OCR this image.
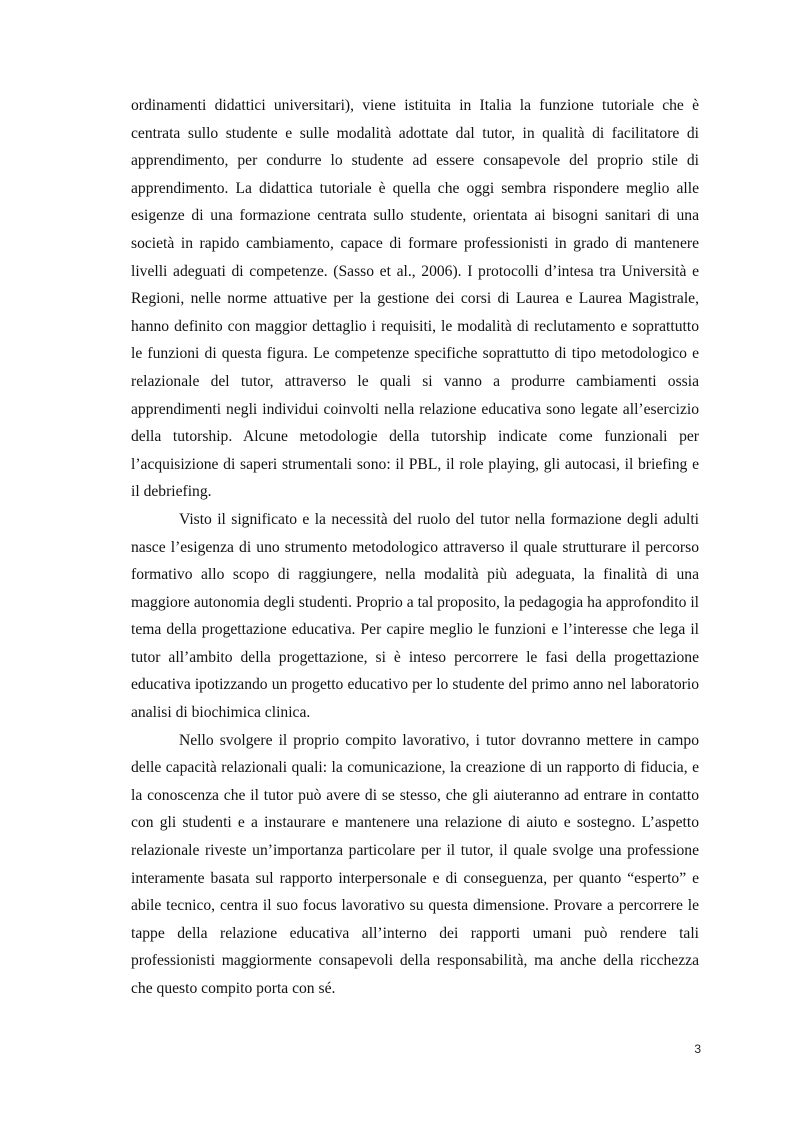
ordinamenti didattici universitari), viene istituita in Italia la funzione tutoriale che è centrata sullo studente e sulle modalità adottate dal tutor, in qualità di facilitatore di apprendimento, per condurre lo studente ad essere consapevole del proprio stile di apprendimento. La didattica tutoriale è quella che oggi sembra rispondere meglio alle esigenze di una formazione centrata sullo studente, orientata ai bisogni sanitari di una società in rapido cambiamento, capace di formare professionisti in grado di mantenere livelli adeguati di competenze. (Sasso et al., 2006). I protocolli d’intesa tra Università e Regioni, nelle norme attuative per la gestione dei corsi di Laurea e Laurea Magistrale, hanno definito con maggior dettaglio i requisiti, le modalità di reclutamento e soprattutto le funzioni di questa figura. Le competenze specifiche soprattutto di tipo metodologico e relazionale del tutor, attraverso le quali si vanno a produrre cambiamenti ossia apprendimenti negli individui coinvolti nella relazione educativa sono legate all’esercizio della tutorship. Alcune metodologie della tutorship indicate come funzionali per l’acquisizione di saperi strumentali sono: il PBL, il role playing, gli autocasi, il briefing e il debriefing.

Visto il significato e la necessità del ruolo del tutor nella formazione degli adulti nasce l’esigenza di uno strumento metodologico attraverso il quale strutturare il percorso formativo allo scopo di raggiungere, nella modalità più adeguata, la finalità di una maggiore autonomia degli studenti. Proprio a tal proposito, la pedagogia ha approfondito il tema della progettazione educativa. Per capire meglio le funzioni e l’interesse che lega il tutor all’ambito della progettazione, si è inteso percorrere le fasi della progettazione educativa ipotizzando un progetto educativo per lo studente del primo anno nel laboratorio analisi di biochimica clinica.

Nello svolgere il proprio compito lavorativo, i tutor dovranno mettere in campo delle capacità relazionali quali: la comunicazione, la creazione di un rapporto di fiducia, e la conoscenza che il tutor può avere di se stesso, che gli aiuteranno ad entrare in contatto con gli studenti e a instaurare e mantenere una relazione di aiuto e sostegno. L’aspetto relazionale riveste un’importanza particolare per il tutor, il quale svolge una professione interamente basata sul rapporto interpersonale e di conseguenza, per quanto “esperto” e abile tecnico, centra il suo focus lavorativo su questa dimensione. Provare a percorrere le tappe della relazione educativa all’interno dei rapporti umani può rendere tali professionisti maggiormente consapevoli della responsabilità, ma anche della ricchezza che questo compito porta con sé.

3
